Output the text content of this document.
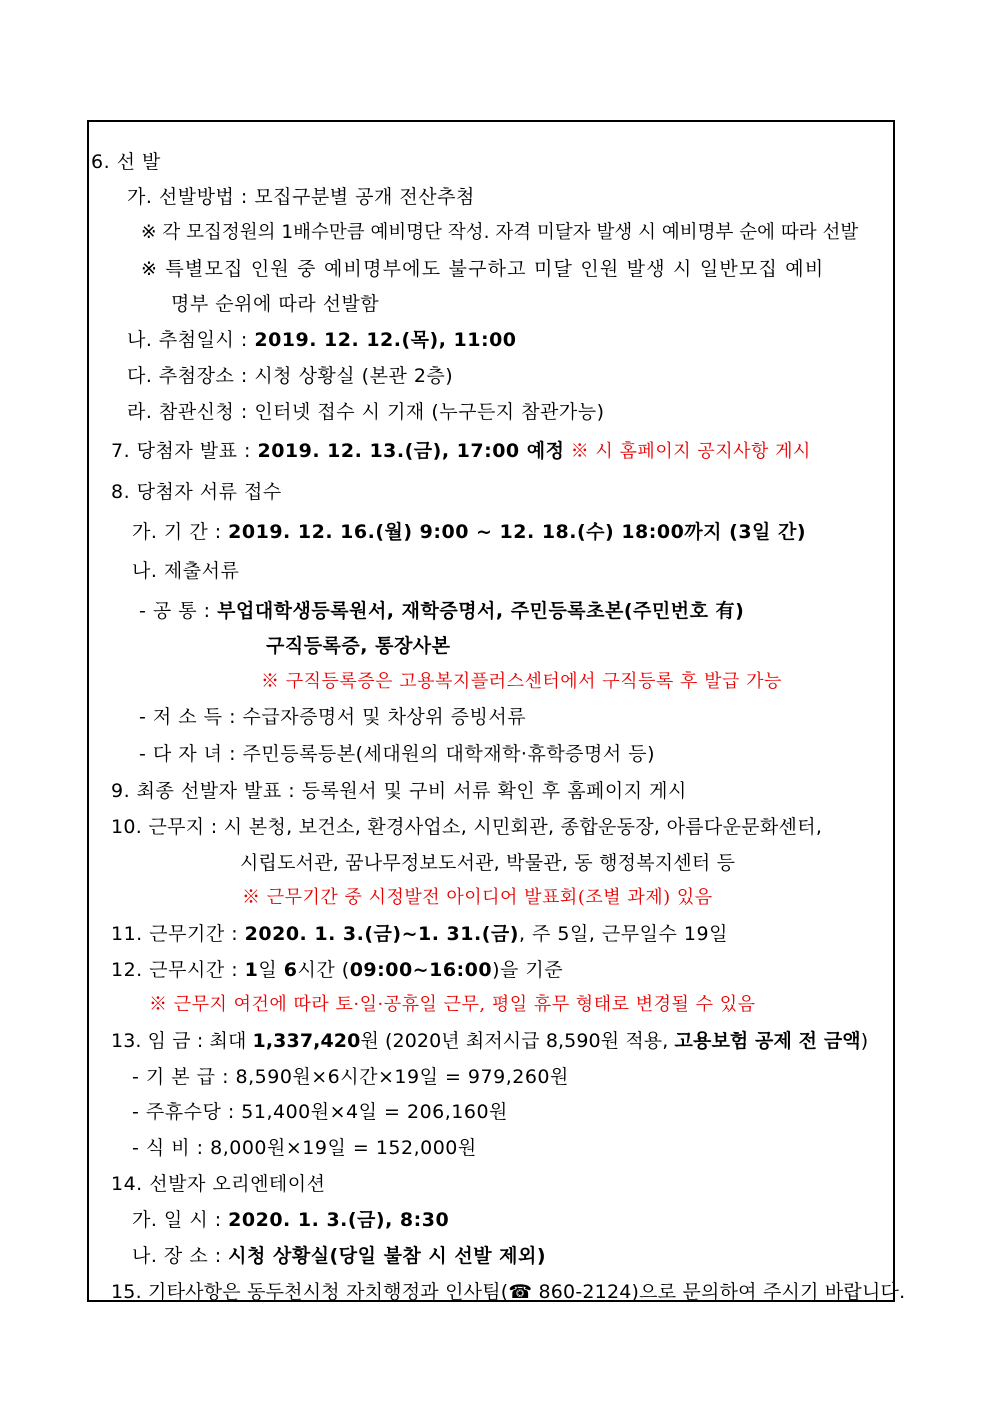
6. 선 발
가. 선발방법 : 모집구분별 공개 전산추첨
※ 각 모집정원의 1배수만큼 예비명단 작성. 자격 미달자 발생 시 예비명부 순에 따라 선발
※ 특별모집 인원 중 예비명부에도 불구하고 미달 인원 발생 시 일반모집 예비
명부 순위에 따라 선발함
나. 추첨일시 : 2019. 12. 12.(목), 11:00
다. 추첨장소 : 시청 상황실 (본관 2층)
라. 참관신청 : 인터넷 접수 시 기재 (누구든지 참관가능)
7. 당첨자 발표 : 2019. 12. 13.(금), 17:00 예정 ※ 시 홈페이지 공지사항 게시
8. 당첨자 서류 접수
가. 기 간 : 2019. 12. 16.(월) 9:00 ~ 12. 18.(수) 18:00까지 (3일 간)
나. 제출서류
- 공 통 : 부업대학생등록원서, 재학증명서, 주민등록초본(주민번호 有)
구직등록증, 통장사본
※ 구직등록증은 고용복지플러스센터에서 구직등록 후 발급 가능
- 저 소 득 : 수급자증명서 및 차상위 증빙서류
- 다 자 녀 : 주민등록등본(세대원의 대학재학·휴학증명서 등)
9. 최종 선발자 발표 : 등록원서 및 구비 서류 확인 후 홈페이지 게시
10. 근무지 : 시 본청, 보건소, 환경사업소, 시민회관, 종합운동장, 아름다운문화센터,
시립도서관, 꿈나무정보도서관, 박물관, 동 행정복지센터 등
※ 근무기간 중 시정발전 아이디어 발표회(조별 과제) 있음
11. 근무기간 : 2020. 1. 3.(금)~1. 31.(금), 주 5일, 근무일수 19일
12. 근무시간 : 1일 6시간 (09:00~16:00)을 기준
※ 근무지 여건에 따라 토·일·공휴일 근무, 평일 휴무 형태로 변경될 수 있음
13. 임 금 : 최대 1,337,420원 (2020년 최저시급 8,590원 적용, 고용보험 공제 전 금액)
- 기 본 급 : 8,590원×6시간×19일 = 979,260원
- 주휴수당 : 51,400원×4일 = 206,160원
- 식 비 : 8,000원×19일 = 152,000원
14. 선발자 오리엔테이션
가. 일 시 : 2020. 1. 3.(금), 8:30
나. 장 소 : 시청 상황실(당일 불참 시 선발 제외)
15. 기타사항은 동두천시청 자치행정과 인사팀(☎ 860-2124)으로 문의하여 주시기 바랍니다.
